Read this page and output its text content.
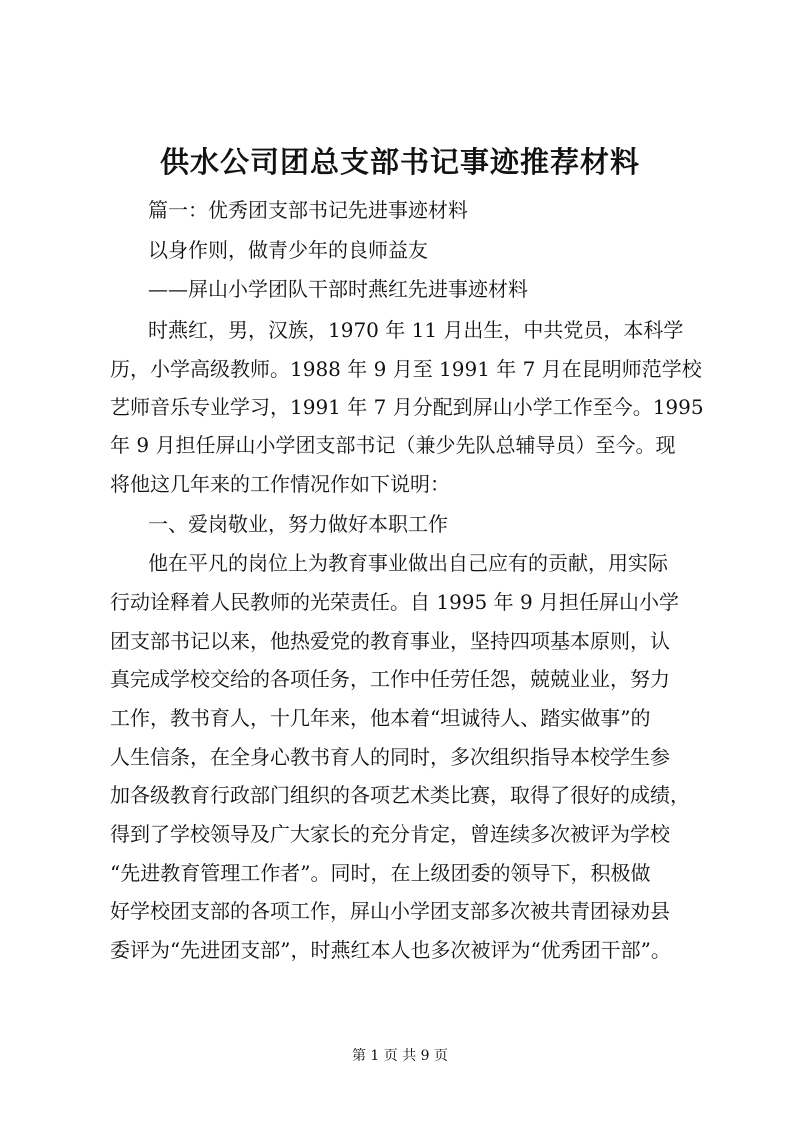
供水公司团总支部书记事迹推荐材料
篇一：优秀团支部书记先进事迹材料
以身作则，做青少年的良师益友
——屏山小学团队干部时燕红先进事迹材料
时燕红，男，汉族，1970 年 11 月出生，中共党员，本科学
历，小学高级教师。1988 年 9 月至 1991 年 7 月在昆明师范学校
艺师音乐专业学习，1991 年 7 月分配到屏山小学工作至今。1995
年 9 月担任屏山小学团支部书记（兼少先队总辅导员）至今。现
将他这几年来的工作情况作如下说明：
一、爱岗敬业，努力做好本职工作
他在平凡的岗位上为教育事业做出自己应有的贡献，用实际
行动诠释着人民教师的光荣责任。自 1995 年 9 月担任屏山小学
团支部书记以来，他热爱党的教育事业，坚持四项基本原则，认
真完成学校交给的各项任务，工作中任劳任怨，兢兢业业，努力
工作，教书育人，十几年来，他本着“坦诚待人、踏实做事”的
人生信条，在全身心教书育人的同时，多次组织指导本校学生参
加各级教育行政部门组织的各项艺术类比赛，取得了很好的成绩，
得到了学校领导及广大家长的充分肯定，曾连续多次被评为学校
“先进教育管理工作者”。同时，在上级团委的领导下，积极做
好学校团支部的各项工作，屏山小学团支部多次被共青团禄劝县
委评为“先进团支部”，时燕红本人也多次被评为“优秀团干部”。
第 1 页 共 9 页
